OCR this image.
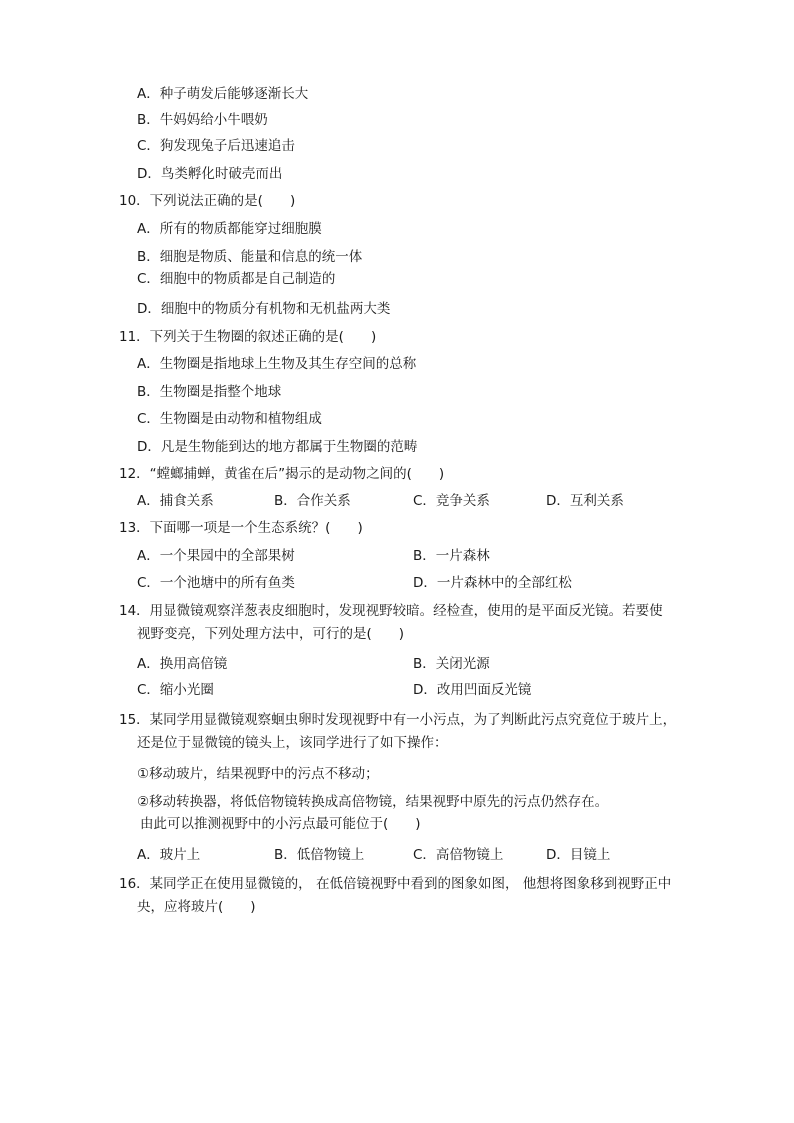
A．种子萌发后能够逐渐长大
B．牛妈妈给小牛喂奶
C．狗发现兔子后迅速追击
D．鸟类孵化时破壳而出
10．下列说法正确的是(　　)
A．所有的物质都能穿过细胞膜
B．细胞是物质、能量和信息的统一体
C．细胞中的物质都是自己制造的
D．细胞中的物质分有机物和无机盐两大类
11．下列关于生物圈的叙述正确的是(　　)
A．生物圈是指地球上生物及其生存空间的总称
B．生物圈是指整个地球
C．生物圈是由动物和植物组成
D．凡是生物能到达的地方都属于生物圈的范畴
12．“螳螂捕蝉，黄雀在后”揭示的是动物之间的(　　)
A．捕食关系	B．合作关系	C．竞争关系	D．互利关系
13．下面哪一项是一个生态系统？(　　)
A．一个果园中的全部果树	B．一片森林
C．一个池塘中的所有鱼类	D．一片森林中的全部红松
14．用显微镜观察洋葱表皮细胞时，发现视野较暗。经检查，使用的是平面反光镜。若要使
视野变亮，下列处理方法中，可行的是(　　)
A．换用高倍镜	B．关闭光源
C．缩小光圈	D．改用凹面反光镜
15．某同学用显微镜观察蛔虫卵时发现视野中有一小污点，为了判断此污点究竟位于玻片上，
还是位于显微镜的镜头上，该同学进行了如下操作：
①移动玻片，结果视野中的污点不移动；
②移动转换器，将低倍物镜转换成高倍物镜，结果视野中原先的污点仍然存在。
由此可以推测视野中的小污点最可能位于(　　)
A．玻片上	B．低倍物镜上	C．高倍物镜上	D．目镜上
16．某同学正在使用显微镜的， 在低倍镜视野中看到的图象如图， 他想将图象移到视野正中
央，应将玻片(　　)
